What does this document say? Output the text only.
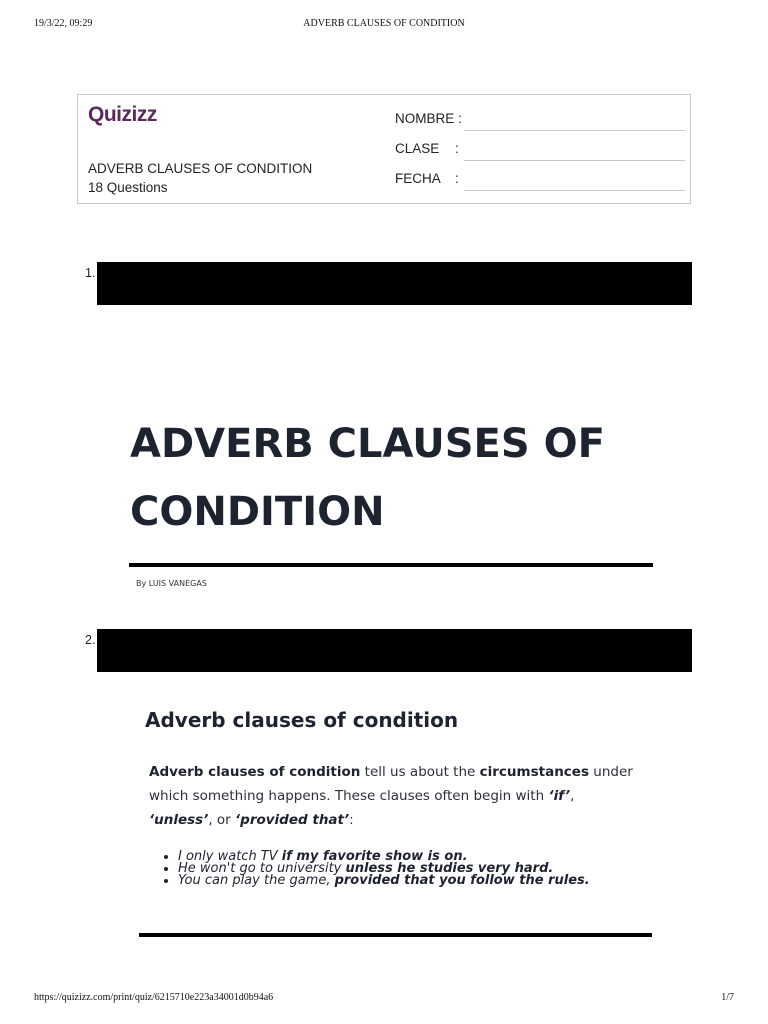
19/3/22, 09:29	ADVERB CLAUSES OF CONDITION
Quizizz
ADVERB CLAUSES OF CONDITION
18 Questions
NOMBRE :
CLASE :
FECHA :
1.
ADVERB CLAUSES OF
CONDITION
By LUIS VANEGAS
2.
Adverb clauses of condition
Adverb clauses of condition tell us about the circumstances under which something happens. These clauses often begin with ‘if’, ‘unless’, or ‘provided that’:
• I only watch TV if my favorite show is on.
• He won't go to university unless he studies very hard.
• You can play the game, provided that you follow the rules.
https://quizizz.com/print/quiz/6215710e223a34001d0b94a6	1/7
